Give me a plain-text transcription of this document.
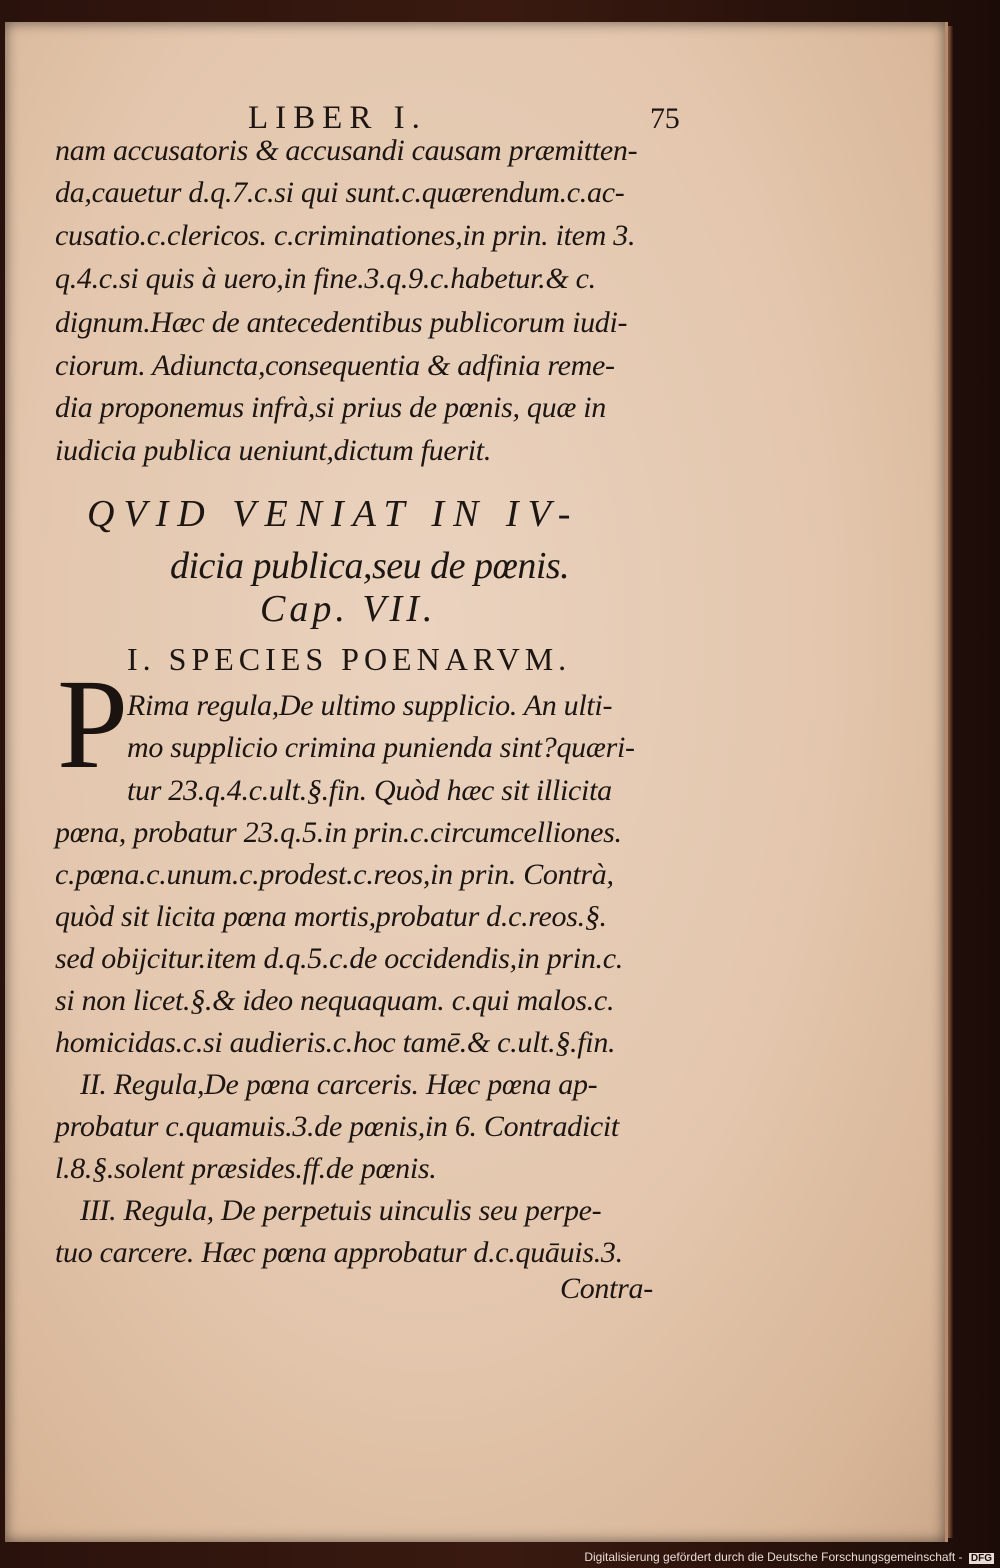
LIBER I.	75
nam accusatoris & accusandi causam præmitten-
da,cauetur d.q.7.c.si qui sunt.c.quærendum.c.ac-
cusatio.c.clericos. c.criminationes,in prin. item 3.
q.4.c.si quis à uero,in fine.3.q.9.c.habetur.& c.
dignum.Hæc de antecedentibus publicorum iudi-
ciorum. Adiuncta,consequentia & adfinia reme-
dia proponemus infrà,si prius de pœnis, quæ in
iudicia publica ueniunt,dictum fuerit.
QVID VENIAT IN IV-
dicia publica,seu de pœnis.
Cap. VII.
I. SPECIES POENARVM.
P
Rima regula,De ultimo supplicio. An ulti-
mo supplicio crimina punienda sint?quæri-
tur 23.q.4.c.ult.§.fin. Quòd hæc sit illicita
pœna, probatur 23.q.5.in prin.c.circumcelliones.
c.pœna.c.unum.c.prodest.c.reos,in prin. Contrà,
quòd sit licita pœna mortis,probatur d.c.reos.§.
sed obijcitur.item d.q.5.c.de occidendis,in prin.c.
si non licet.§.& ideo nequaquam. c.qui malos.c.
homicidas.c.si audieris.c.hoc tamē.& c.ult.§.fin.
II. Regula,De pœna carceris. Hæc pœna ap-
probatur c.quamuis.3.de pœnis,in 6. Contradicit
l.8.§.solent præsides.ff.de pœnis.
III. Regula, De perpetuis uinculis seu perpe-
tuo carcere. Hæc pœna approbatur d.c.quāuis.3.
Contra-
Digitalisierung gefördert durch die Deutsche Forschungsgemeinschaft - DFG
